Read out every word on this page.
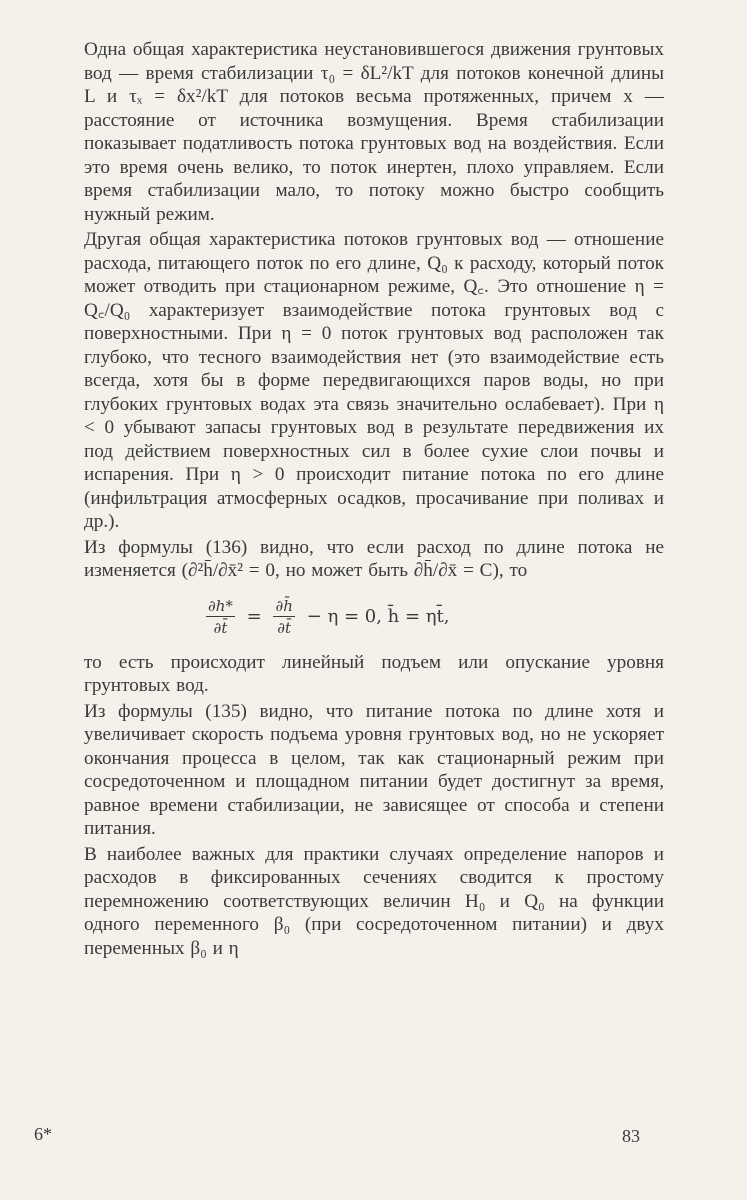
Одна общая характеристика неустановившегося движения грунтовых вод — время стабилизации τ₀ = δL²/kT для потоков конечной длины L и τₓ = δx²/kT для потоков весьма протяженных, причем x — расстояние от источника возмущения. Время стабилизации показывает податливость потока грунтовых вод на воздействия. Если это время очень велико, то поток инертен, плохо управляем. Если время стабилизации мало, то потоку можно быстро сообщить нужный режим.

Другая общая характеристика потоков грунтовых вод — отношение расхода, питающего поток по его длине, Q₀ к расходу, который поток может отводить при стационарном режиме, Q꜀. Это отношение η = Q꜀/Q₀ характеризует взаимодействие потока грунтовых вод с поверхностными. При η = 0 поток грунтовых вод расположен так глубоко, что тесного взаимодействия нет (это взаимодействие есть всегда, хотя бы в форме передвигающихся паров воды, но при глубоких грунтовых водах эта связь значительно ослабевает). При η < 0 убывают запасы грунтовых вод в результате передвижения их под действием поверхностных сил в более сухие слои почвы и испарения. При η > 0 происходит питание потока по его длине (инфильтрация атмосферных осадков, просачивание при поливах и др.).

Из формулы (136) видно, что если расход по длине потока не изменяется (∂²h̄/∂x̄² = 0, но может быть ∂h̄/∂x̄ = C), то

$\frac{\partial h*}{\partial t̄} = \frac{\partial h̄}{\partial t̄} - \eta = 0$, h̄ = ηt̄,

то есть происходит линейный подъем или опускание уровня грунтовых вод.

Из формулы (135) видно, что питание потока по длине хотя и увеличивает скорость подъема уровня грунтовых вод, но не ускоряет окончания процесса в целом, так как стационарный режим при сосредоточенном и площадном питании будет достигнут за время, равное времени стабилизации, не зависящее от способа и степени питания.

В наиболее важных для практики случаях определение напоров и расходов в фиксированных сечениях сводится к простому перемножению соответствующих величин H₀ и Q₀ на функции одного переменного β₀ (при сосредоточенном питании) и двух переменных β₀ и η

6*	83
